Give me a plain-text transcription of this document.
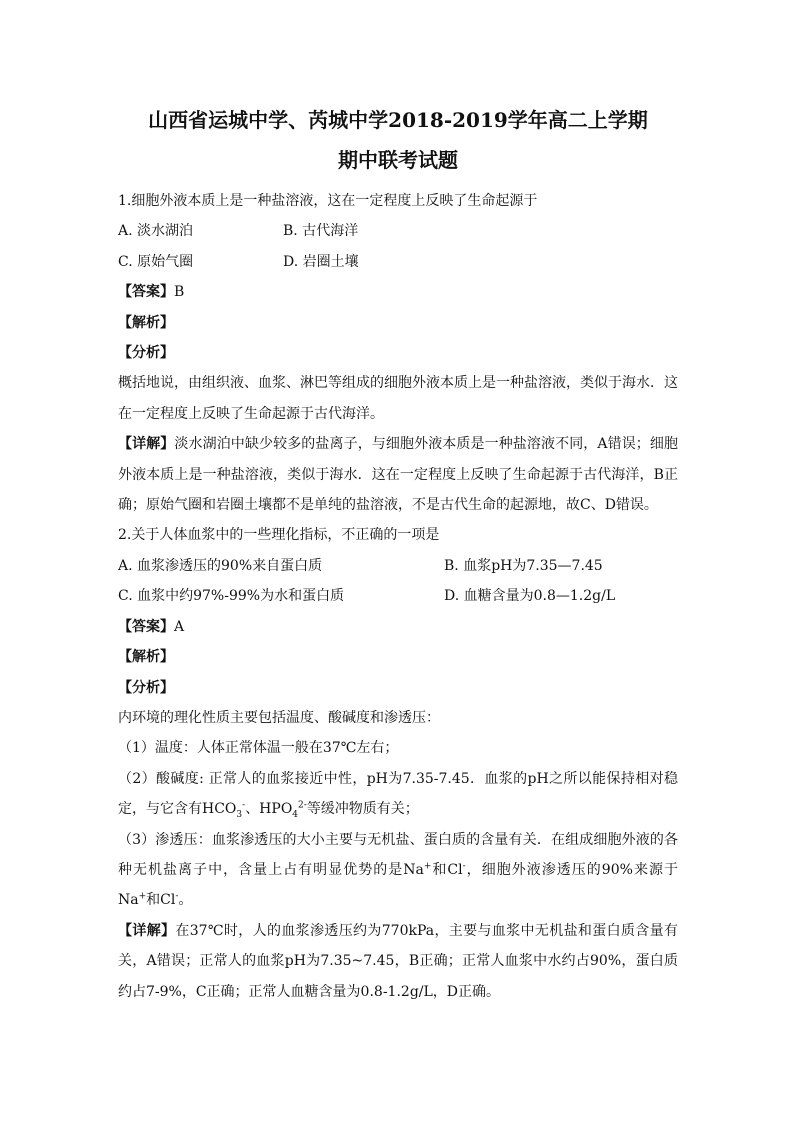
山西省运城中学、芮城中学2018-2019学年高二上学期
期中联考试题

1.细胞外液本质上是一种盐溶液，这在一定程度上反映了生命起源于

A. 淡水湖泊	B. 古代海洋
C. 原始气圈	D. 岩圈土壤

【答案】B

【解析】

【分析】

概括地说，由组织液、血浆、淋巴等组成的细胞外液本质上是一种盐溶液，类似于海水．这在一定程度上反映了生命起源于古代海洋。

【详解】淡水湖泊中缺少较多的盐离子，与细胞外液本质是一种盐溶液不同，A错误；细胞外液本质上是一种盐溶液，类似于海水．这在一定程度上反映了生命起源于古代海洋，B正确；原始气圈和岩圈土壤都不是单纯的盐溶液，不是古代生命的起源地，故C、D错误。

2.关于人体血浆中的一些理化指标，不正确的一项是

A. 血浆渗透压的90%来自蛋白质	B. 血浆pH为7.35—7.45
C. 血浆中约97%-99%为水和蛋白质	D. 血糖含量为0.8—1.2g/L

【答案】A

【解析】

【分析】

内环境的理化性质主要包括温度、酸碱度和渗透压：

（1）温度：人体正常体温一般在37℃左右；

（2）酸碱度: 正常人的血浆接近中性，pH为7.35-7.45．血浆的pH之所以能保持相对稳定，与它含有$HCO_3^-$、$HPO_4^{2-}$等缓冲物质有关；

（3）渗透压：血浆渗透压的大小主要与无机盐、蛋白质的含量有关．在组成细胞外液的各种无机盐离子中，含量上占有明显优势的是Na+和Cl-，细胞外液渗透压的90%来源于Na+和Cl-。

【详解】在37℃时，人的血浆渗透压约为770kPa，主要与血浆中无机盐和蛋白质含量有关，A错误；正常人的血浆pH为7.35~7.45，B正确；正常人血浆中水约占90%，蛋白质约占7-9%，C正确；正常人血糖含量为0.8-1.2g/L，D正确。
